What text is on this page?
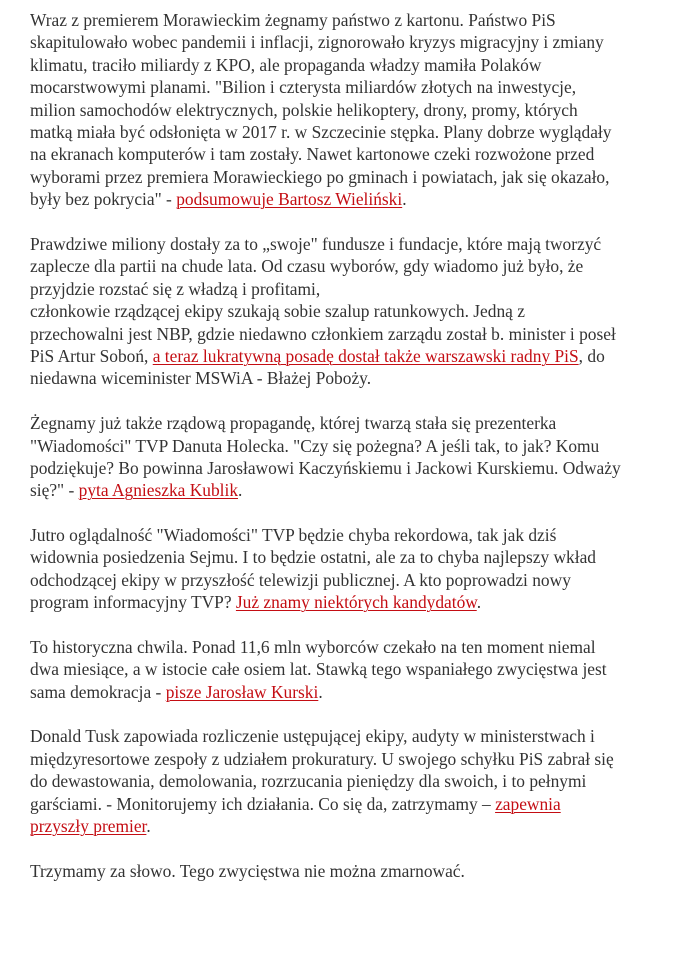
Wraz z premierem Morawieckim żegnamy państwo z kartonu. Państwo PiS
skapitulowało wobec pandemii i inflacji, zignorowało kryzys migracyjny i zmiany
klimatu, traciło miliardy z KPO, ale propaganda władzy mamiła Polaków
mocarstwowymi planami. "Bilion i czterysta miliardów złotych na inwestycje,
milion samochodów elektrycznych, polskie helikoptery, drony, promy, których
matką miała być odsłonięta w 2017 r. w Szczecinie stępka. Plany dobrze wyglądały
na ekranach komputerów i tam zostały. Nawet kartonowe czeki rozwożone przed
wyborami przez premiera Morawieckiego po gminach i powiatach, jak się okazało,
były bez pokrycia" - podsumowuje Bartosz Wieliński.

Prawdziwe miliony dostały za to „swoje" fundusze i fundacje, które mają tworzyć
zaplecze dla partii na chude lata. Od czasu wyborów, gdy wiadomo już było, że
przyjdzie rozstać się z władzą i profitami,
członkowie rządzącej ekipy szukają sobie szalup ratunkowych. Jedną z
przechowalni jest NBP, gdzie niedawno członkiem zarządu został b. minister i poseł
PiS Artur Soboń, a teraz lukratywną posadę dostał także warszawski radny PiS, do
niedawna wiceminister MSWiA - Błażej Poboży.

Żegnamy już także rządową propagandę, której twarzą stała się prezenterka
"Wiadomości" TVP Danuta Holecka. "Czy się pożegna? A jeśli tak, to jak? Komu
podziękuje? Bo powinna Jarosławowi Kaczyńskiemu i Jackowi Kurskiemu. Odważy
się?" - pyta Agnieszka Kublik.

Jutro oglądalność "Wiadomości" TVP będzie chyba rekordowa, tak jak dziś
widownia posiedzenia Sejmu. I to będzie ostatni, ale za to chyba najlepszy wkład
odchodzącej ekipy w przyszłość telewizji publicznej. A kto poprowadzi nowy
program informacyjny TVP? Już znamy niektórych kandydatów.

To historyczna chwila. Ponad 11,6 mln wyborców czekało na ten moment niemal
dwa miesiące, a w istocie całe osiem lat. Stawką tego wspaniałego zwycięstwa jest
sama demokracja - pisze Jarosław Kurski.

Donald Tusk zapowiada rozliczenie ustępującej ekipy, audyty w ministerstwach i
międzyresortowe zespoły z udziałem prokuratury. U swojego schyłku PiS zabrał się
do dewastowania, demolowania, rozrzucania pieniędzy dla swoich, i to pełnymi
garściami. - Monitorujemy ich działania. Co się da, zatrzymamy – zapewnia
przyszły premier.

Trzymamy za słowo. Tego zwycięstwa nie można zmarnować.
